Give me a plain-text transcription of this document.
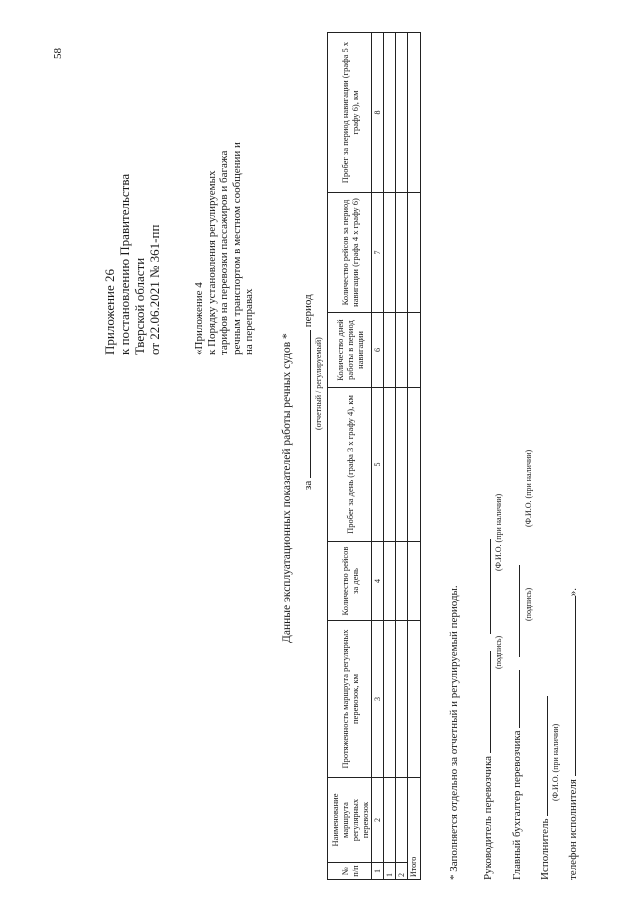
58
Приложение 26 к постановлению Правительства Тверской области от 22.06.2021 № 361-пп	«Приложение 4 к Порядку установления регулируемых тарифов на перевозки пассажиров и багажа речным транспортом в местном сообщении и на переправах
Данные эксплуатационных показателей работы речных судов * за  период
(отчетный / регулируемый)
№ п/п	Наименование маршрута регулярных перевозок	Протяженность маршрута регулярных перевозок, км	Количество рейсов за день	Пробег за день (графа 3 х графу 4), км	Количество дней работы в период навигации	Количество рейсов за период навигации (графа 4 х графу 6)	Пробег за период навигации (графа 5 х графу 6), км
1	2	3	4	5	6	7	8
1							
2							
Итого								* Заполняется отдельно за отчетный и регулируемый периоды. Руководитель перевозчика
(подпись)
(Ф.И.О. (при наличии)
Главный бухгалтер перевозчика
(подпись)
(Ф.И.О. (при наличии)
Исполнитель
(Ф.И.О. (при наличии)
телефон исполнителя ».
